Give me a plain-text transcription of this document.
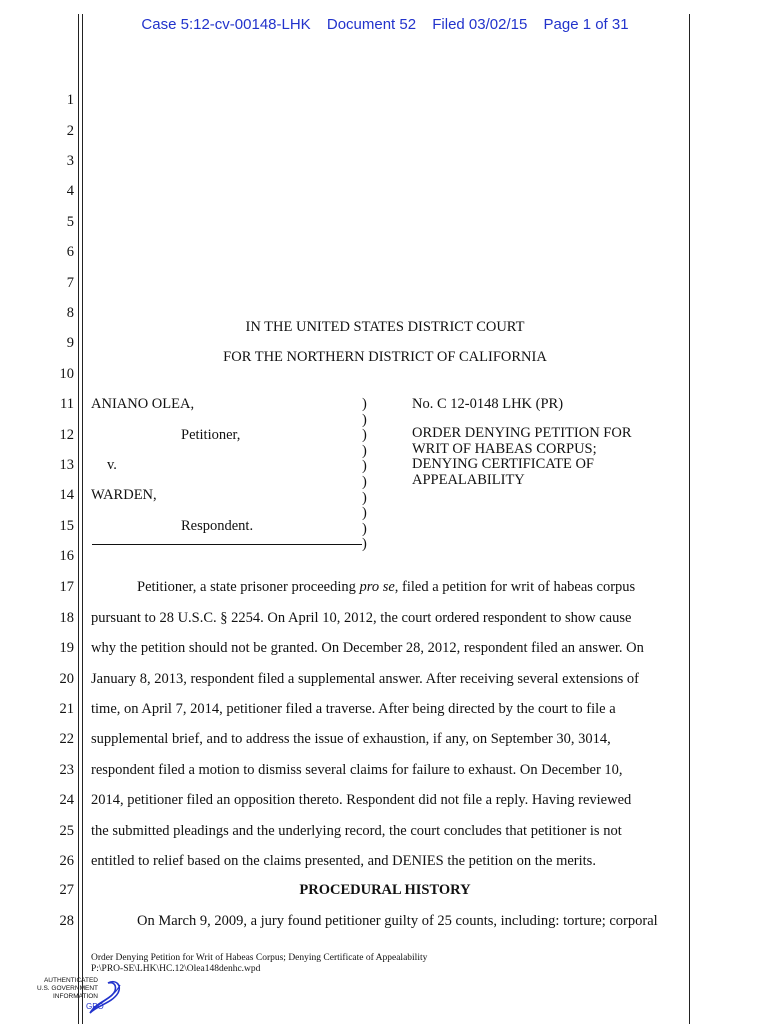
Case 5:12-cv-00148-LHK Document 52 Filed 03/02/15 Page 1 of 31
1
2
3
4
5
6
7
8
9
10
11
12
13
14
15
16
17
18
19
20
21
22
23
24
25
26
27
28
IN THE UNITED STATES DISTRICT COURT
FOR THE NORTHERN DISTRICT OF CALIFORNIA
ANIANO OLEA,
Petitioner,
v.
WARDEN,
Respondent.
)
)
)
)
)
)
)
)
)
)
No. C 12-0148 LHK (PR)
ORDER DENYING PETITION FOR
WRIT OF HABEAS CORPUS;
DENYING CERTIFICATE OF
APPEALABILITY
Petitioner, a state prisoner proceeding pro se, filed a petition for writ of habeas corpus
pursuant to 28 U.S.C. § 2254. On April 10, 2012, the court ordered respondent to show cause
why the petition should not be granted. On December 28, 2012, respondent filed an answer. On
January 8, 2013, respondent filed a supplemental answer. After receiving several extensions of
time, on April 7, 2014, petitioner filed a traverse. After being directed by the court to file a
supplemental brief, and to address the issue of exhaustion, if any, on September 30, 3014,
respondent filed a motion to dismiss several claims for failure to exhaust. On December 10,
2014, petitioner filed an opposition thereto. Respondent did not file a reply. Having reviewed
the submitted pleadings and the underlying record, the court concludes that petitioner is not
entitled to relief based on the claims presented, and DENIES the petition on the merits.
PROCEDURAL HISTORY
On March 9, 2009, a jury found petitioner guilty of 25 counts, including: torture; corporal
Order Denying Petition for Writ of Habeas Corpus; Denying Certificate of Appealability
P:\PRO-SE\LHK\HC.12\Olea148denhc.wpd
AUTHENTICATED
U.S. GOVERNMENT
INFORMATION
GPO
